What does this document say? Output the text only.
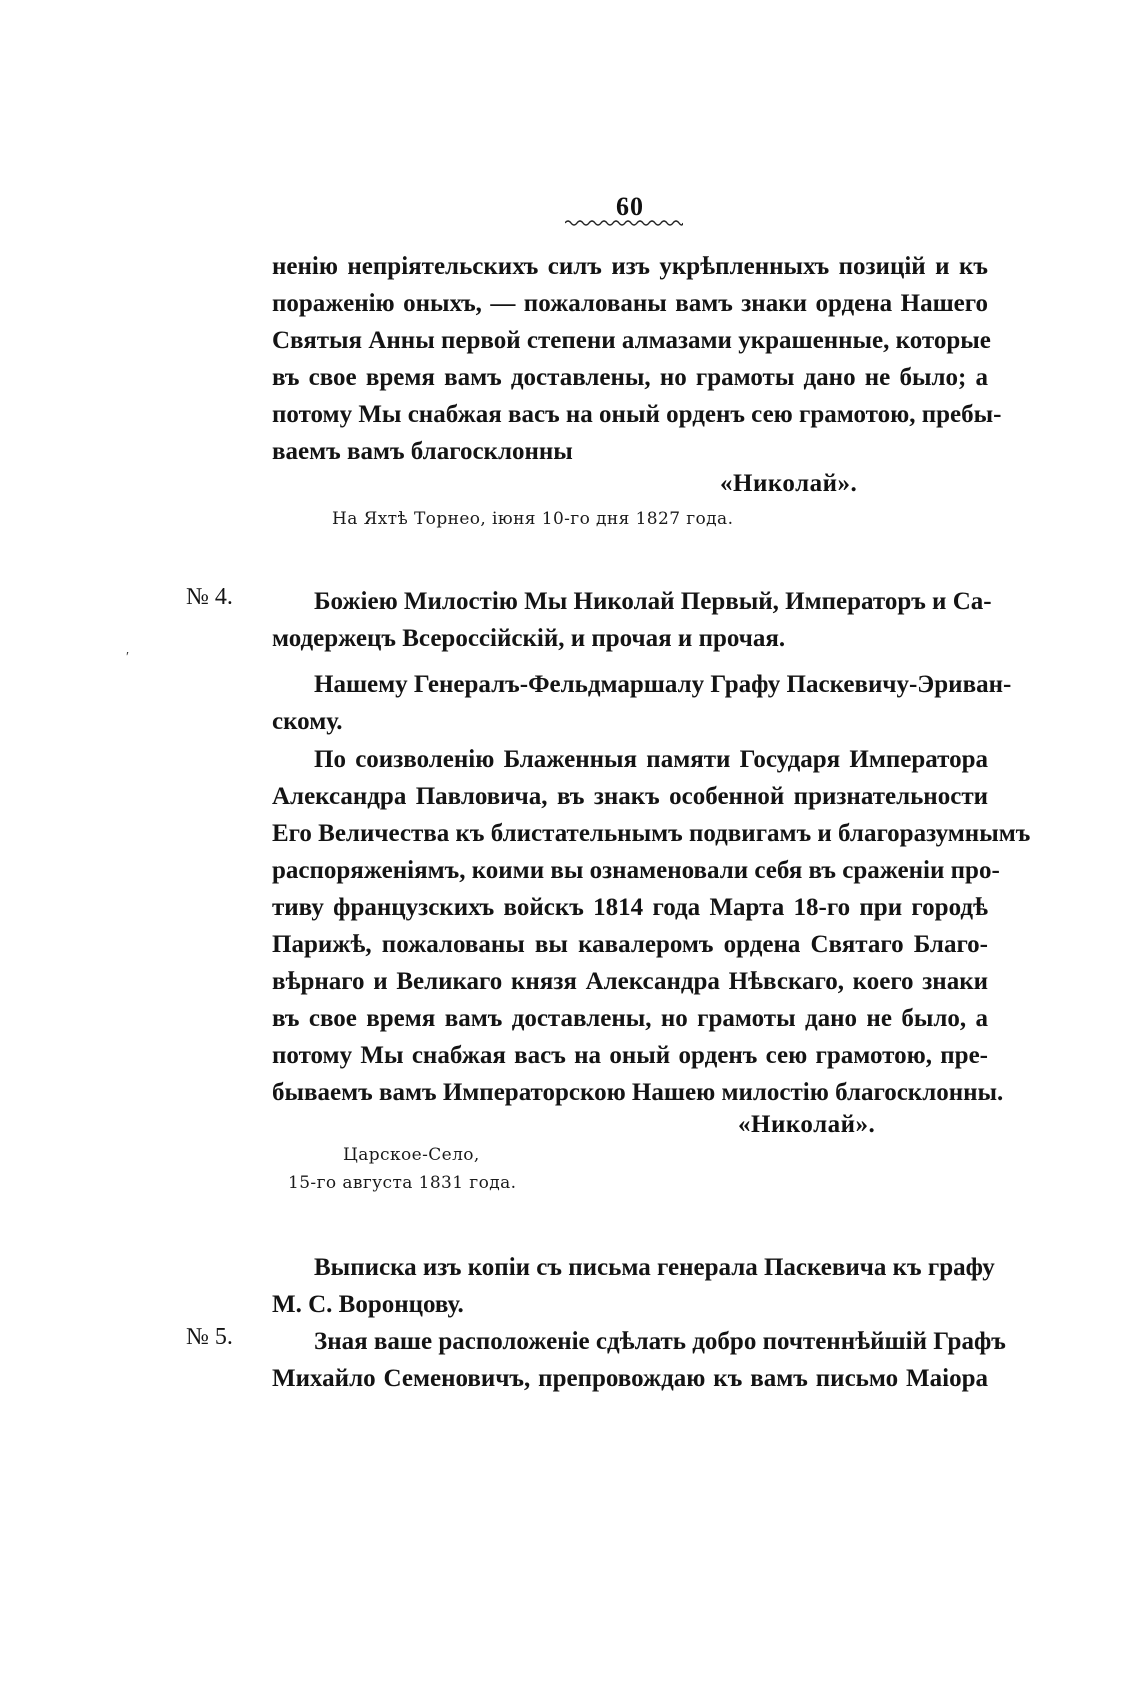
60
ненію непріятельскихъ силъ изъ укрѣпленныхъ позицій и къ
пораженію оныхъ, — пожалованы вамъ знаки ордена Нашего
Святыя Анны первой степени алмазами украшенные, которые
въ свое время вамъ доставлены, но грамоты дано не было; а
потому Мы снабжая васъ на оный орденъ сею грамотою, пребы-
ваемъ вамъ благосклонны
«Николай».
На Яхтѣ Торнео, іюня 10-го дня 1827 года.
№ 4.	Божіею Милостію Мы Николай Первый, Императоръ и Са-
модержецъ Всероссійскій, и прочая и прочая.
′
Нашему Генералъ-Фельдмаршалу Графу Паскевичу-Эриван-
скому.
По соизволенію Блаженныя памяти Государя Императора
Александра Павловича, въ знакъ особенной признательности
Его Величества къ блистательнымъ подвигамъ и благоразумнымъ
распоряженіямъ, коими вы ознаменовали себя въ сраженіи про-
тиву французскихъ войскъ 1814 года Марта 18-го при городѣ
Парижѣ, пожалованы вы кавалеромъ ордена Святаго Благо-
вѣрнаго и Великаго князя Александра Нѣвскаго, коего знаки
въ свое время вамъ доставлены, но грамоты дано не было, а
потому Мы снабжая васъ на оный орденъ сею грамотою, пре-
бываемъ вамъ Императорскою Нашею милостію благосклонны.
«Николай».
Царское-Село,
15-го августа 1831 года.
Выписка изъ копіи съ письма генерала Паскевича къ графу
М. С. Воронцову.
№ 5.	Зная ваше расположеніе сдѣлать добро почтеннѣйшій Графъ
Михайло Семеновичъ, препровождаю къ вамъ письмо Маіора
